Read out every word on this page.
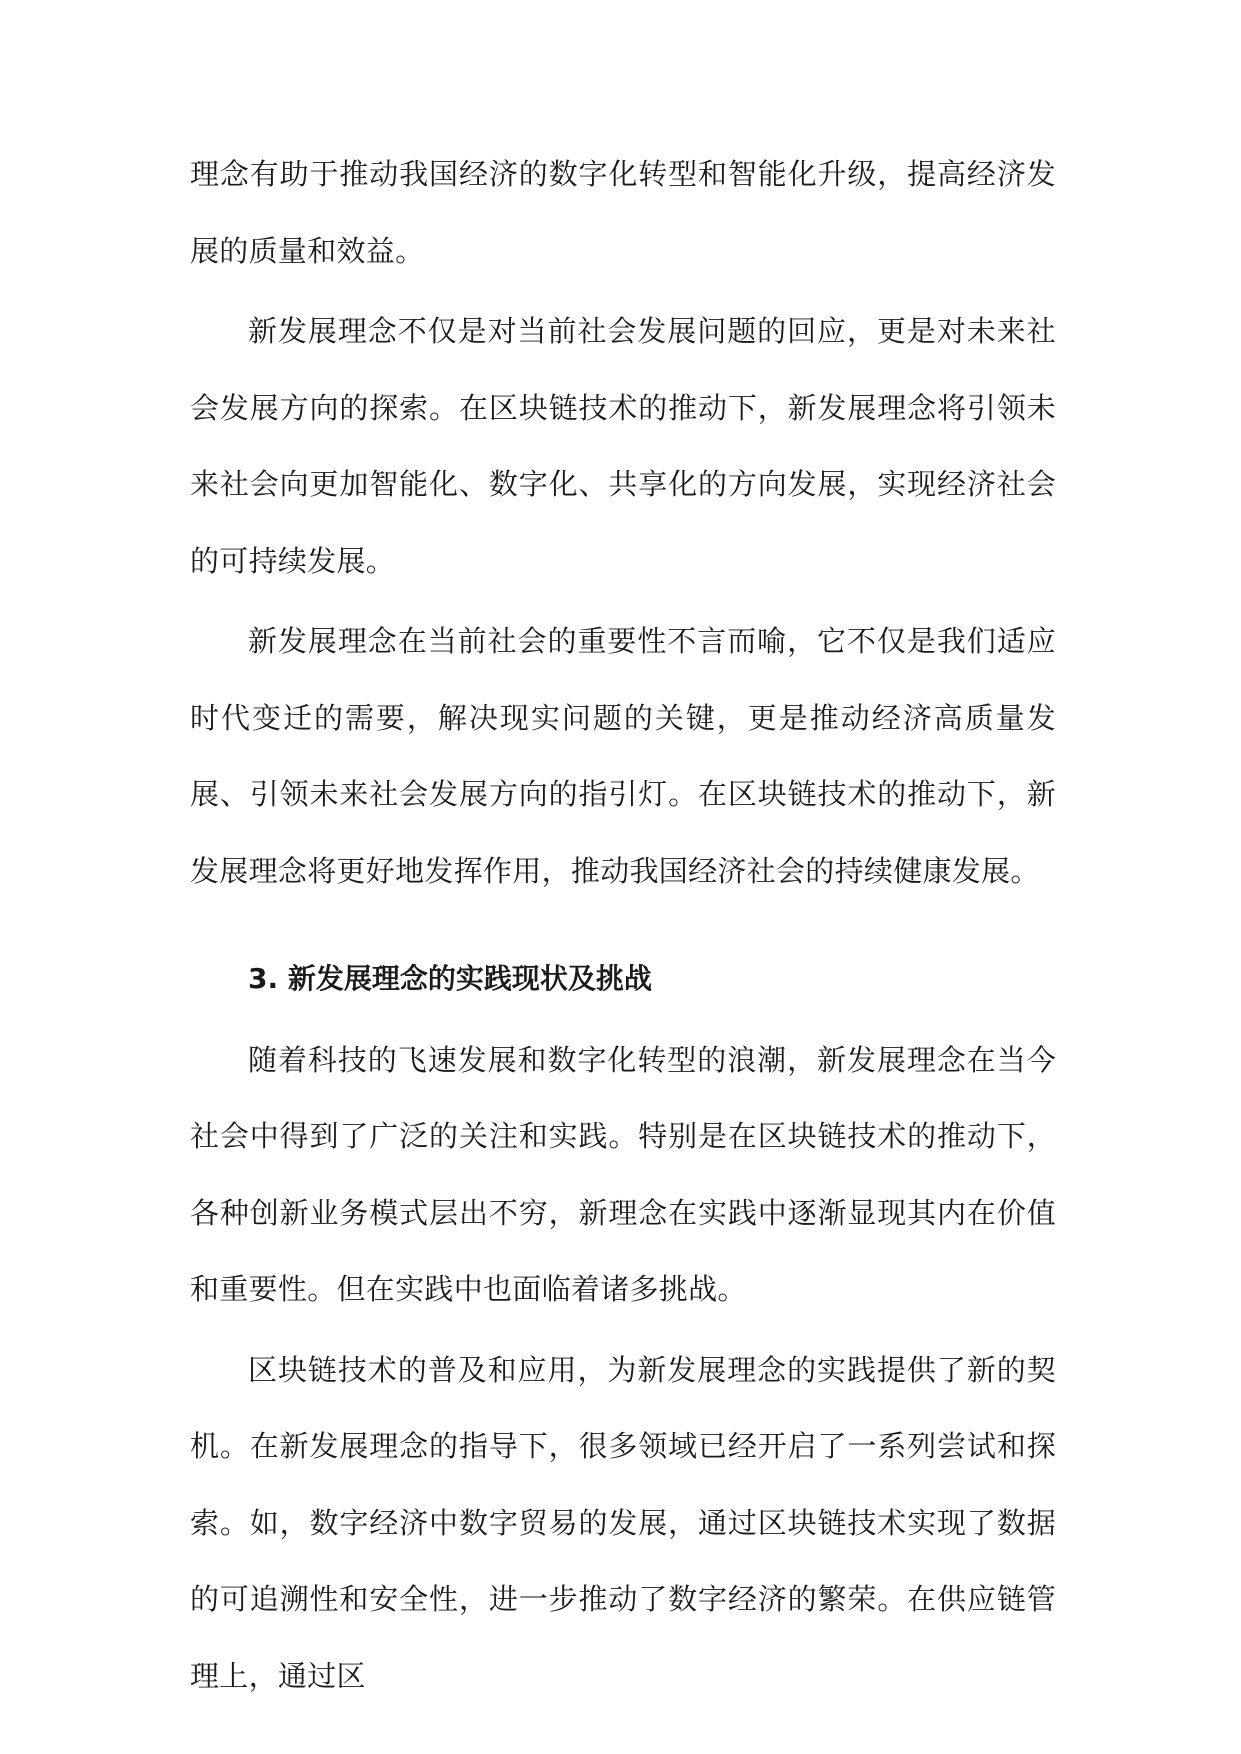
理念有助于推动我国经济的数字化转型和智能化升级，提高经济发展的质量和效益。

新发展理念不仅是对当前社会发展问题的回应，更是对未来社会发展方向的探索。在区块链技术的推动下，新发展理念将引领未来社会向更加智能化、数字化、共享化的方向发展，实现经济社会的可持续发展。

新发展理念在当前社会的重要性不言而喻，它不仅是我们适应时代变迁的需要，解决现实问题的关键，更是推动经济高质量发展、引领未来社会发展方向的指引灯。在区块链技术的推动下，新发展理念将更好地发挥作用，推动我国经济社会的持续健康发展。

3. 新发展理念的实践现状及挑战

随着科技的飞速发展和数字化转型的浪潮，新发展理念在当今社会中得到了广泛的关注和实践。特别是在区块链技术的推动下，各种创新业务模式层出不穷，新理念在实践中逐渐显现其内在价值和重要性。但在实践中也面临着诸多挑战。

区块链技术的普及和应用，为新发展理念的实践提供了新的契机。在新发展理念的指导下，很多领域已经开启了一系列尝试和探索。如，数字经济中数字贸易的发展，通过区块链技术实现了数据的可追溯性和安全性，进一步推动了数字经济的繁荣。在供应链管理上，通过区
